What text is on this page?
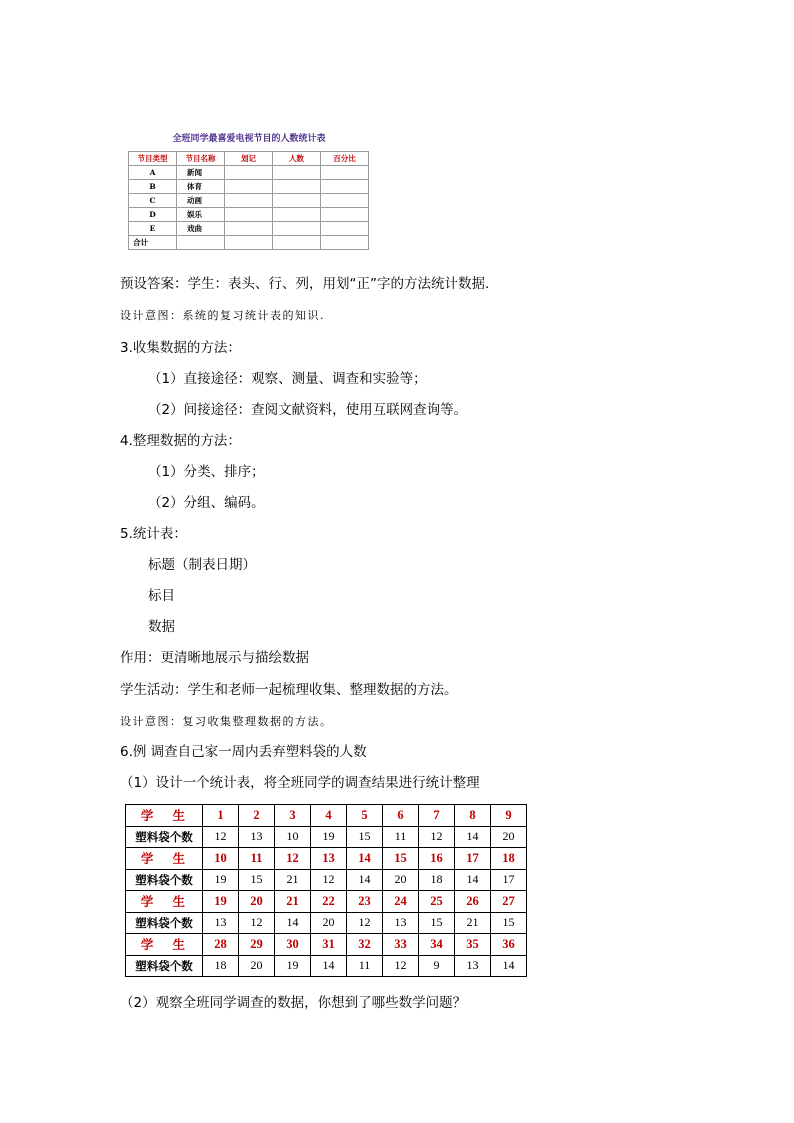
全班同学最喜爱电视节目的人数统计表
节目类型	节目名称	划记	人数	百分比
A	新闻			
B	体育			
C	动画			
D	娱乐			
E	戏曲			
合计				
预设答案：学生：表头、行、列，用划“正”字的方法统计数据.
设计意图：系统的复习统计表的知识.
3.收集数据的方法：
（1）直接途径：观察、测量、调查和实验等；
（2）间接途径：查阅文献资料，使用互联网查询等。
4.整理数据的方法：
（1）分类、排序；
（2）分组、编码。
5.统计表：
标题（制表日期）
标目
数据
作用：更清晰地展示与描绘数据
学生活动：学生和老师一起梳理收集、整理数据的方法。
设计意图：复习收集整理数据的方法。
6.例 调查自己家一周内丢弃塑料袋的人数
（1）设计一个统计表，将全班同学的调查结果进行统计整理
学 生	1	2	3	4	5	6	7	8	9
塑料袋个数	12	13	10	19	15	11	12	14	20
学 生	10	11	12	13	14	15	16	17	18
塑料袋个数	19	15	21	12	14	20	18	14	17
学 生	19	20	21	22	23	24	25	26	27
塑料袋个数	13	12	14	20	12	13	15	21	15
学 生	28	29	30	31	32	33	34	35	36
塑料袋个数	18	20	19	14	11	12	9	13	14
（2）观察全班同学调查的数据，你想到了哪些数学问题？
